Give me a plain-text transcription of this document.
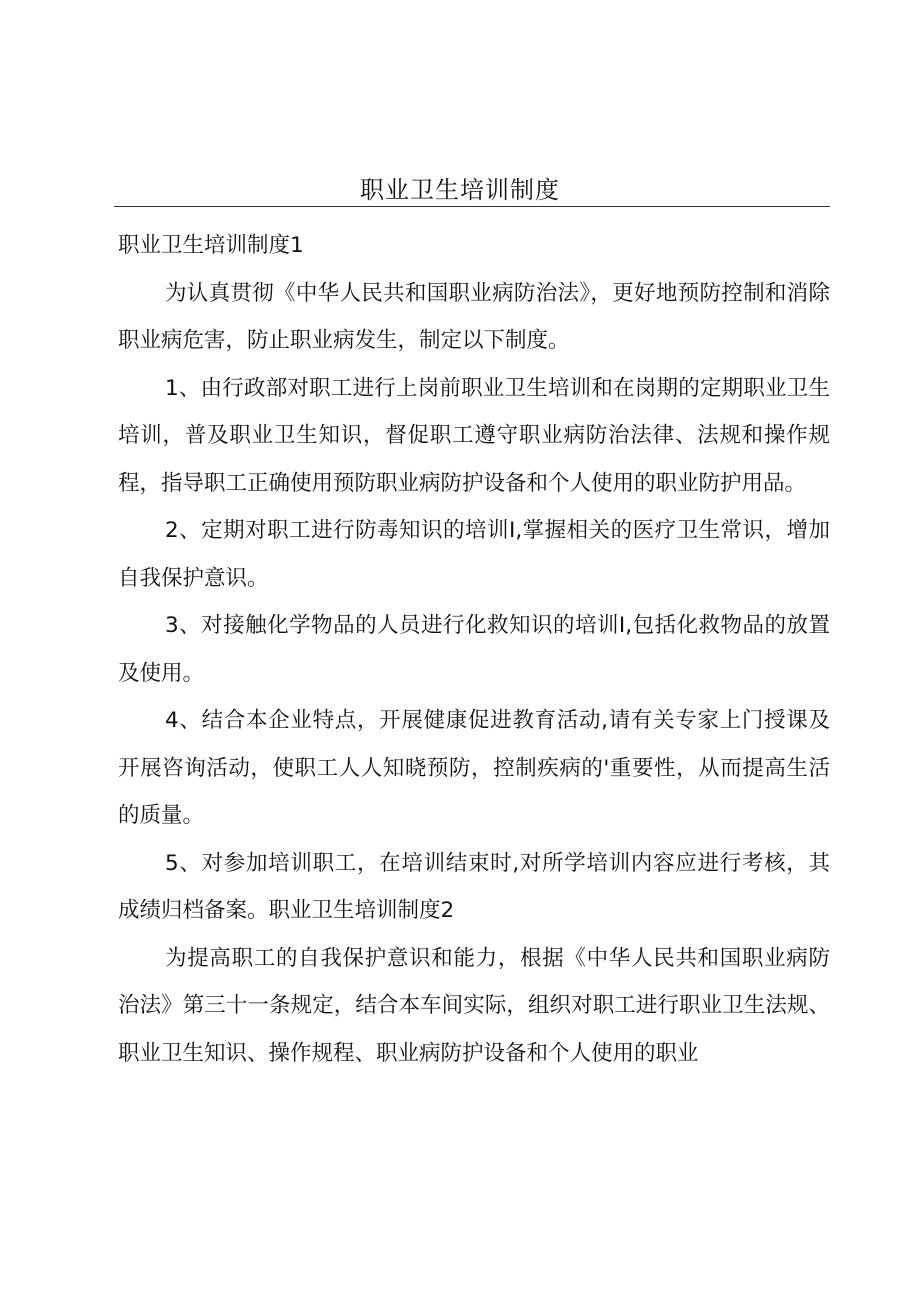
职业卫生培训制度

职业卫生培训制度1

为认真贯彻《中华人民共和国职业病防治法》，更好地预防控制和消除职业病危害，防止职业病发生，制定以下制度。

1、由行政部对职工进行上岗前职业卫生培训和在岗期的定期职业卫生培训，普及职业卫生知识，督促职工遵守职业病防治法律、法规和操作规程，指导职工正确使用预防职业病防护设备和个人使用的职业防护用品。

2、定期对职工进行防毒知识的培训I,掌握相关的医疗卫生常识，增加自我保护意识。

3、对接触化学物品的人员进行化救知识的培训I,包括化救物品的放置及使用。

4、结合本企业特点，开展健康促进教育活动,请有关专家上门授课及开展咨询活动，使职工人人知晓预防，控制疾病的'重要性，从而提高生活的质量。

5、对参加培训职工，在培训结束时,对所学培训内容应进行考核，其成绩归档备案。职业卫生培训制度2

为提高职工的自我保护意识和能力，根据《中华人民共和国职业病防治法》第三十一条规定，结合本车间实际，组织对职工进行职业卫生法规、职业卫生知识、操作规程、职业病防护设备和个人使用的职业
